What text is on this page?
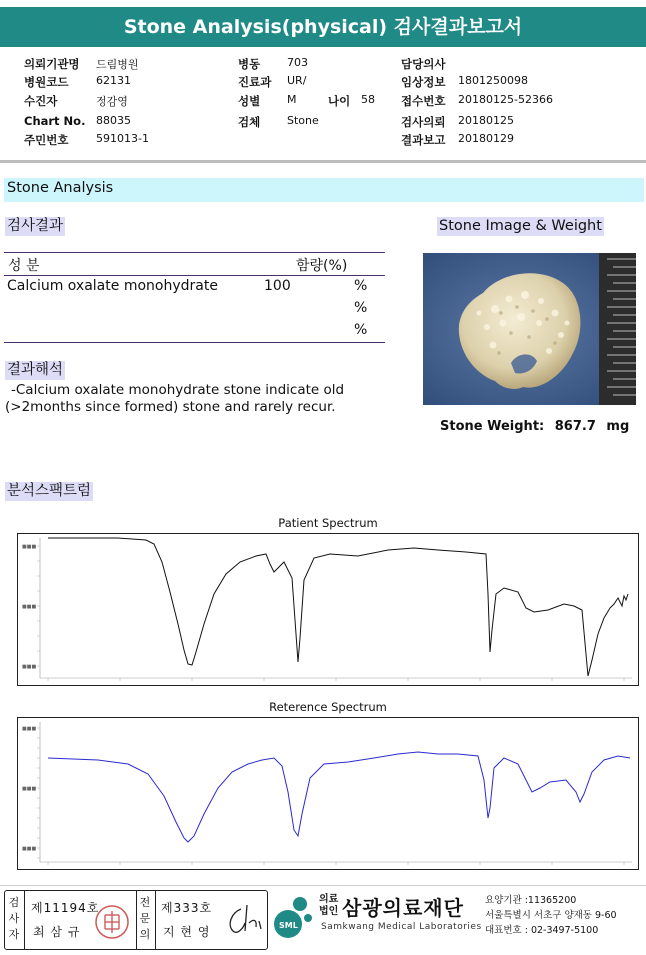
Stone Analysis(physical) 검사결과보고서
의뢰기관명 드림병원	병동 703	담당의사
병원코드	62131	진료과 UR/	임상정보 1801250098
수진자	정감영	성별 M	나이 58 접수번호 20180125-52366
Chart No. 88035	검체 Stone	검사의뢰 20180125
주민번호	591013-1	결과보고 20180129
Stone Analysis
검사결과	Stone Image & Weight
성 분	함량(%)
Calcium oxalate monohydrate	100	%
%
%
결과해석
-Calcium oxalate monohydrate stone indicate old
(>2months since formed) stone and rarely recur.
Stone Weight: 867.7 mg
분석스팩트럼
Patient Spectrum
■■■
■■■
■■■
Reterence Spectrum
■■■
■■■
■■■
검사자
제11194호
최 삼 규
전문의
제333호
지 현 영	SML
의료
법인 삼광의료재단
Samkwang Medical Laboratories
요양기관 :11365200
서울특별시 서초구 양재동 9-60
대표번호 : 02-3497-5100
